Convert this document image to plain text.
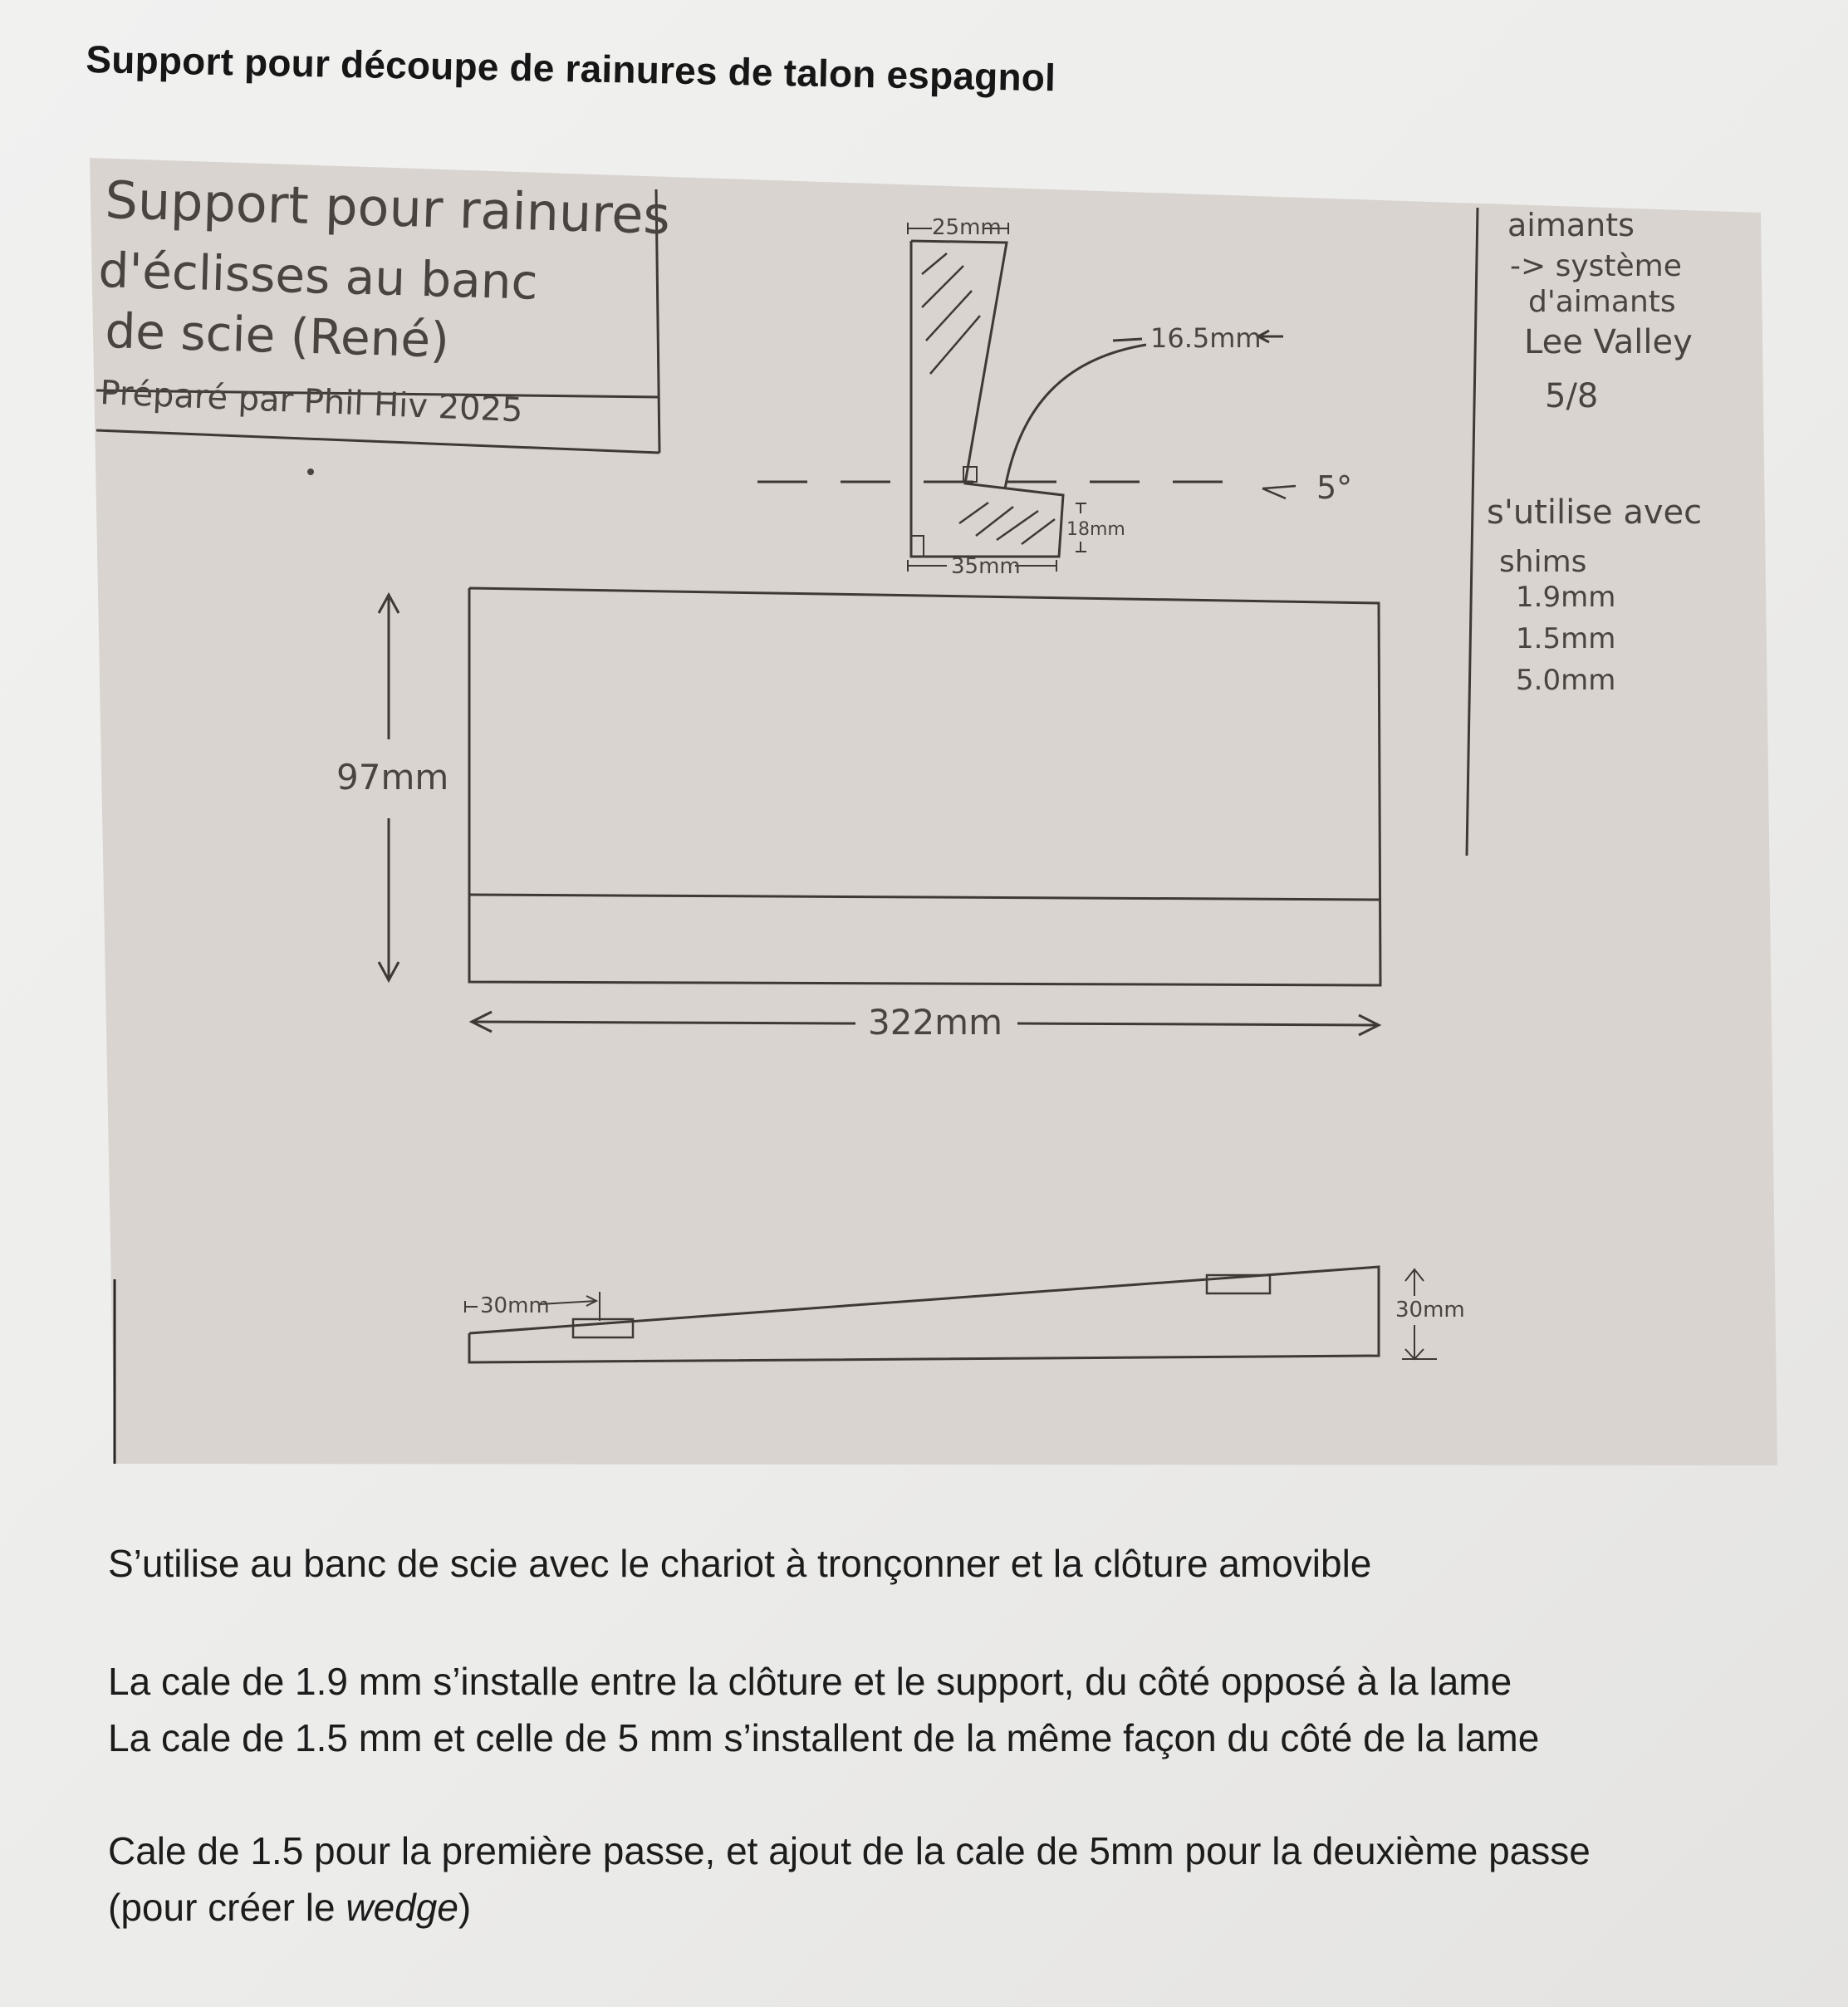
Support pour découpe de rainures de talon espagnol
Support pour rainures
d'éclisses au banc
de scie (René)
Préparé par Phil Hiv 2025
aimants
-> système
d'aimants
Lee Valley
5/8
s'utilise avec
shims
1.9mm
1.5mm
5.0mm
25mm
16.5mm
5°
18mm
35mm
97mm
322mm
30mm	30mm

S’utilise au banc de scie avec le chariot à tronçonner et la clôture amovible

La cale de 1.9 mm s’installe entre la clôture et le support, du côté opposé à la lame

La cale de 1.5 mm et celle de 5 mm s’installent de la même façon du côté de la lame

Cale de 1.5 pour la première passe, et ajout de la cale de 5mm pour la deuxième passe

(pour créer le wedge)
